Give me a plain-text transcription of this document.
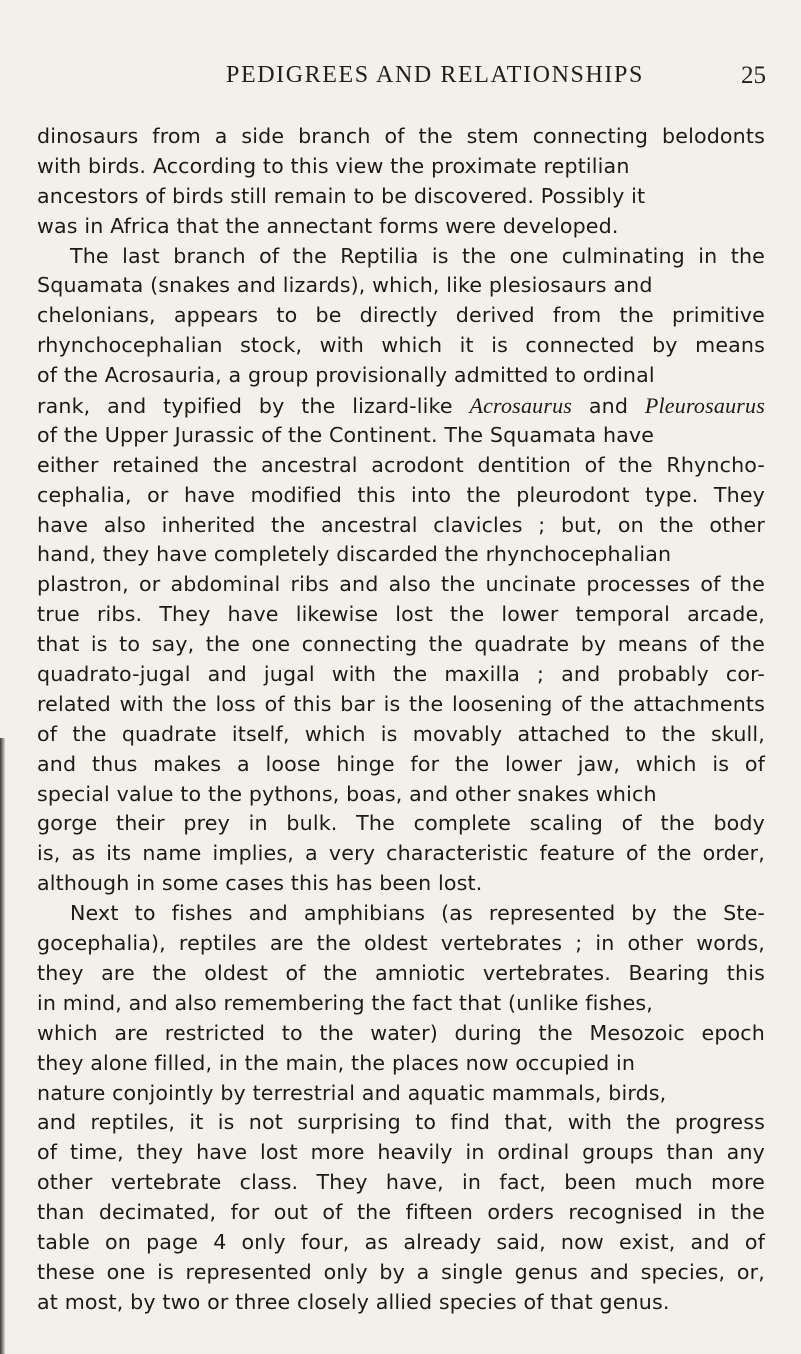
PEDIGREES AND RELATIONSHIPS	25
dinosaurs from a side branch of the stem connecting belodonts
with birds. According to this view the proximate reptilian
ancestors of birds still remain to be discovered. Possibly it
was in Africa that the annectant forms were developed.
The last branch of the Reptilia is the one culminating in the
Squamata (snakes and lizards), which, like plesiosaurs and
chelonians, appears to be directly derived from the primitive
rhynchocephalian stock, with which it is connected by means
of the Acrosauria, a group provisionally admitted to ordinal
rank, and typified by the lizard-like Acrosaurus and Pleurosaurus
of the Upper Jurassic of the Continent. The Squamata have
either retained the ancestral acrodont dentition of the Rhyncho-
cephalia, or have modified this into the pleurodont type. They
have also inherited the ancestral clavicles ; but, on the other
hand, they have completely discarded the rhynchocephalian
plastron, or abdominal ribs and also the uncinate processes of the
true ribs. They have likewise lost the lower temporal arcade,
that is to say, the one connecting the quadrate by means of the
quadrato-jugal and jugal with the maxilla ; and probably cor-
related with the loss of this bar is the loosening of the attachments
of the quadrate itself, which is movably attached to the skull,
and thus makes a loose hinge for the lower jaw, which is of
special value to the pythons, boas, and other snakes which
gorge their prey in bulk. The complete scaling of the body
is, as its name implies, a very characteristic feature of the order,
although in some cases this has been lost.
Next to fishes and amphibians (as represented by the Ste-
gocephalia), reptiles are the oldest vertebrates ; in other words,
they are the oldest of the amniotic vertebrates. Bearing this
in mind, and also remembering the fact that (unlike fishes,
which are restricted to the water) during the Mesozoic epoch
they alone filled, in the main, the places now occupied in
nature conjointly by terrestrial and aquatic mammals, birds,
and reptiles, it is not surprising to find that, with the progress
of time, they have lost more heavily in ordinal groups than any
other vertebrate class. They have, in fact, been much more
than decimated, for out of the fifteen orders recognised in the
table on page 4 only four, as already said, now exist, and of
these one is represented only by a single genus and species, or,
at most, by two or three closely allied species of that genus.
